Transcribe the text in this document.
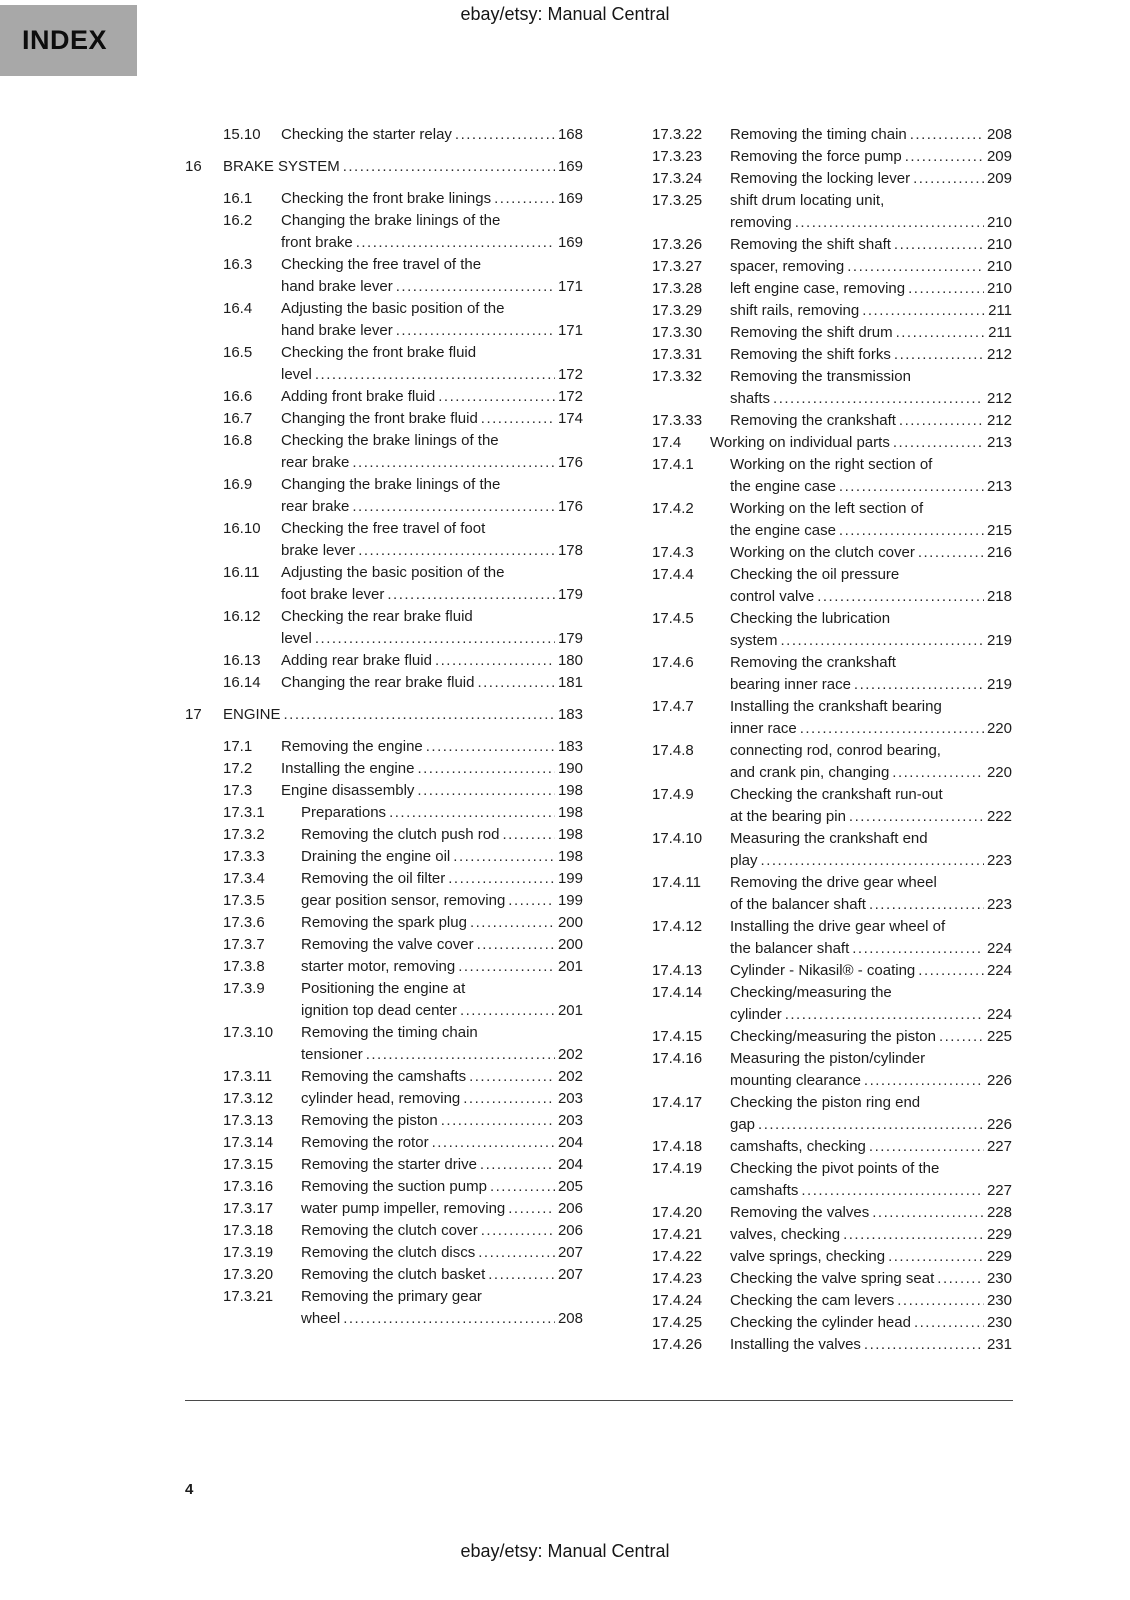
ebay/etsy: Manual Central
INDEX
15.10	Checking the starter relay .....	168
16	BRAKE SYSTEM .....	169
16.1	Checking the front brake linings .....	169
16.2	Changing the brake linings of the
front brake .....	169
16.3	Checking the free travel of the
hand brake lever .....	171
16.4	Adjusting the basic position of the
hand brake lever .....	171
16.5	Checking the front brake fluid
level .....	172
16.6	Adding front brake fluid .....	172
16.7	Changing the front brake fluid .....	174
16.8	Checking the brake linings of the
rear brake .....	176
16.9	Changing the brake linings of the
rear brake .....	176
16.10	Checking the free travel of foot
brake lever .....	178
16.11	Adjusting the basic position of the
foot brake lever .....	179
16.12	Checking the rear brake fluid
level .....	179
16.13	Adding rear brake fluid .....	180
16.14	Changing the rear brake fluid .....	181
17	ENGINE .....	183
17.1	Removing the engine .....	183
17.2	Installing the engine .....	190
17.3	Engine disassembly .....	198
17.3.1	Preparations .....	198
17.3.2	Removing the clutch push rod .....	198
17.3.3	Draining the engine oil .....	198
17.3.4	Removing the oil filter .....	199
17.3.5	gear position sensor, removing .....	199
17.3.6	Removing the spark plug .....	200
17.3.7	Removing the valve cover .....	200
17.3.8	starter motor, removing .....	201
17.3.9	Positioning the engine at
ignition top dead center .....	201
17.3.10	Removing the timing chain
tensioner .....	202
17.3.11	Removing the camshafts .....	202
17.3.12	cylinder head, removing .....	203
17.3.13	Removing the piston .....	203
17.3.14	Removing the rotor .....	204
17.3.15	Removing the starter drive .....	204
17.3.16	Removing the suction pump .....	205
17.3.17	water pump impeller, removing .....	206
17.3.18	Removing the clutch cover .....	206
17.3.19	Removing the clutch discs .....	207
17.3.20	Removing the clutch basket .....	207
17.3.21	Removing the primary gear
wheel .....	208
17.3.22	Removing the timing chain .....	208
17.3.23	Removing the force pump .....	209
17.3.24	Removing the locking lever .....	209
17.3.25	shift drum locating unit,
removing .....	210
17.3.26	Removing the shift shaft .....	210
17.3.27	spacer, removing .....	210
17.3.28	left engine case, removing .....	210
17.3.29	shift rails, removing .....	211
17.3.30	Removing the shift drum .....	211
17.3.31	Removing the shift forks .....	212
17.3.32	Removing the transmission
shafts .....	212
17.3.33	Removing the crankshaft .....	212
17.4	Working on individual parts .....	213
17.4.1	Working on the right section of
the engine case .....	213
17.4.2	Working on the left section of
the engine case .....	215
17.4.3	Working on the clutch cover .....	216
17.4.4	Checking the oil pressure
control valve .....	218
17.4.5	Checking the lubrication
system .....	219
17.4.6	Removing the crankshaft
bearing inner race .....	219
17.4.7	Installing the crankshaft bearing
inner race .....	220
17.4.8	connecting rod, conrod bearing,
and crank pin, changing .....	220
17.4.9	Checking the crankshaft run-out
at the bearing pin .....	222
17.4.10	Measuring the crankshaft end
play .....	223
17.4.11	Removing the drive gear wheel
of the balancer shaft .....	223
17.4.12	Installing the drive gear wheel of
the balancer shaft .....	224
17.4.13	Cylinder - Nikasil® - coating .....	224
17.4.14	Checking/measuring the
cylinder .....	224
17.4.15	Checking/measuring the piston .....	225
17.4.16	Measuring the piston/cylinder
mounting clearance .....	226
17.4.17	Checking the piston ring end
gap .....	226
17.4.18	camshafts, checking .....	227
17.4.19	Checking the pivot points of the
camshafts .....	227
17.4.20	Removing the valves .....	228
17.4.21	valves, checking .....	229
17.4.22	valve springs, checking .....	229
17.4.23	Checking the valve spring seat .....	230
17.4.24	Checking the cam levers .....	230
17.4.25	Checking the cylinder head .....	230
17.4.26	Installing the valves .....	231
4
ebay/etsy: Manual Central
